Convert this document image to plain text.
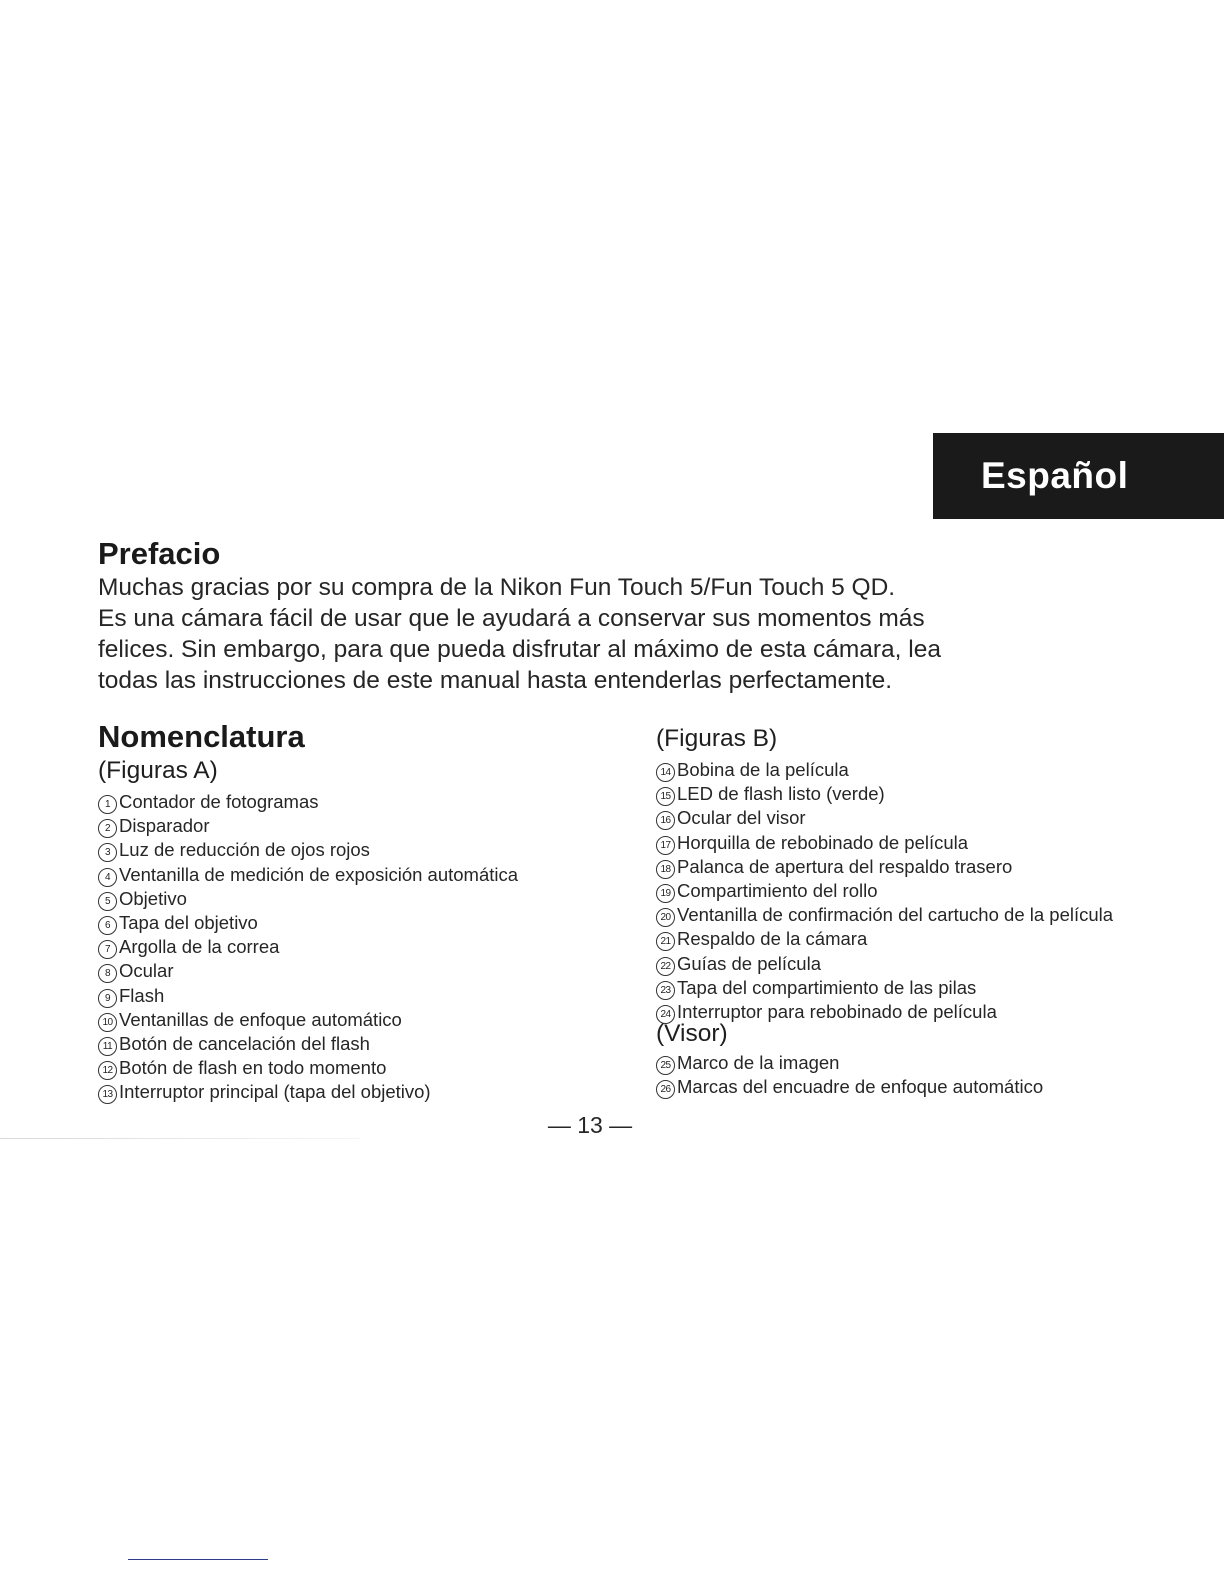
Español
Prefacio
Muchas gracias por su compra de la Nikon Fun Touch 5/Fun Touch 5 QD.
Es una cámara fácil de usar que le ayudará a conservar sus momentos más
felices. Sin embargo, para que pueda disfrutar al máximo de esta cámara, lea
todas las instrucciones de este manual hasta entenderlas perfectamente.
Nomenclatura
(Figuras A)
1 Contador de fotogramas
2 Disparador
3 Luz de reducción de ojos rojos
4 Ventanilla de medición de exposición automática
5 Objetivo
6 Tapa del objetivo
7 Argolla de la correa
8 Ocular
9 Flash
10 Ventanillas de enfoque automático
11 Botón de cancelación del flash
12 Botón de flash en todo momento
13 Interruptor principal (tapa del objetivo)
(Figuras B)
14 Bobina de la película
15 LED de flash listo (verde)
16 Ocular del visor
17 Horquilla de rebobinado de película
18 Palanca de apertura del respaldo trasero
19 Compartimiento del rollo
20 Ventanilla de confirmación del cartucho de la película
21 Respaldo de la cámara
22 Guías de película
23 Tapa del compartimiento de las pilas
24 Interruptor para rebobinado de película
(Visor)
25 Marco de la imagen
26 Marcas del encuadre de enfoque automático
— 13 —
